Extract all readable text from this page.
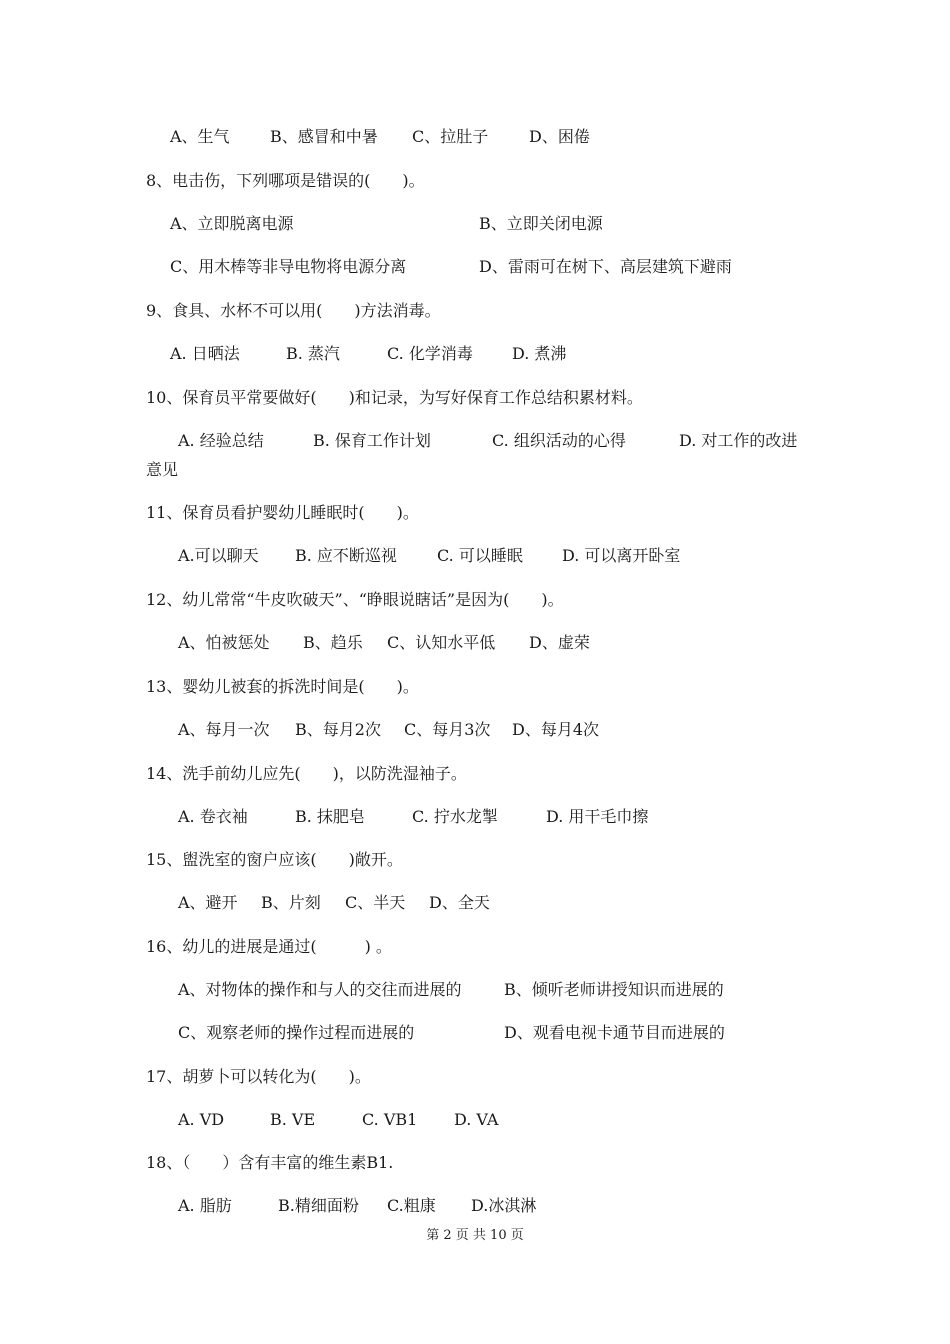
A、生气	B、感冒和中暑 C、拉肚子	D、困倦
8、电击伤，下列哪项是错误的(　　)。
A、立即脱离电源	B、立即关闭电源
C、用木棒等非导电物将电源分离	D、雷雨可在树下、高层建筑下避雨
9、食具、水杯不可以用(　　)方法消毒。
A. 日晒法	B. 蒸汽	C. 化学消毒 D. 煮沸
10、保育员平常要做好(　　)和记录，为写好保育工作总结积累材料。
A. 经验总结	B. 保育工作计划	C. 组织活动的心得	D. 对工作的改进
意见
11、保育员看护婴幼儿睡眠时(　　)。
A.可以聊天 B. 应不断巡视	C. 可以睡眠 D. 可以离开卧室
12、幼儿常常“牛皮吹破天”、“睁眼说瞎话”是因为(　　)。
A、怕被惩处 B、趋乐 C、认知水平低 D、虚荣
13、婴幼儿被套的拆洗时间是(　　)。
A、每月一次 B、每月2次 C、每月3次 D、每月4次
14、洗手前幼儿应先(　　)，以防洗湿袖子。
A. 卷衣袖	B. 抹肥皂	C. 拧水龙掣	D. 用干毛巾擦
15、盥洗室的窗户应该(　　)敞开。
A、避开 B、片刻 C、半天 D、全天
16、幼儿的进展是通过(　　　) 。
A、对物体的操作和与人的交往而进展的	B、倾听老师讲授知识而进展的
C、观察老师的操作过程而进展的	D、观看电视卡通节目而进展的
17、胡萝卜可以转化为(　　)。
A. VD	B. VE	C. VB1 D. VA
18、（　　）含有丰富的维生素B1.
A. 脂肪	B.精细面粉 C.粗康 D.冰淇淋
第 2 页 共 10 页
